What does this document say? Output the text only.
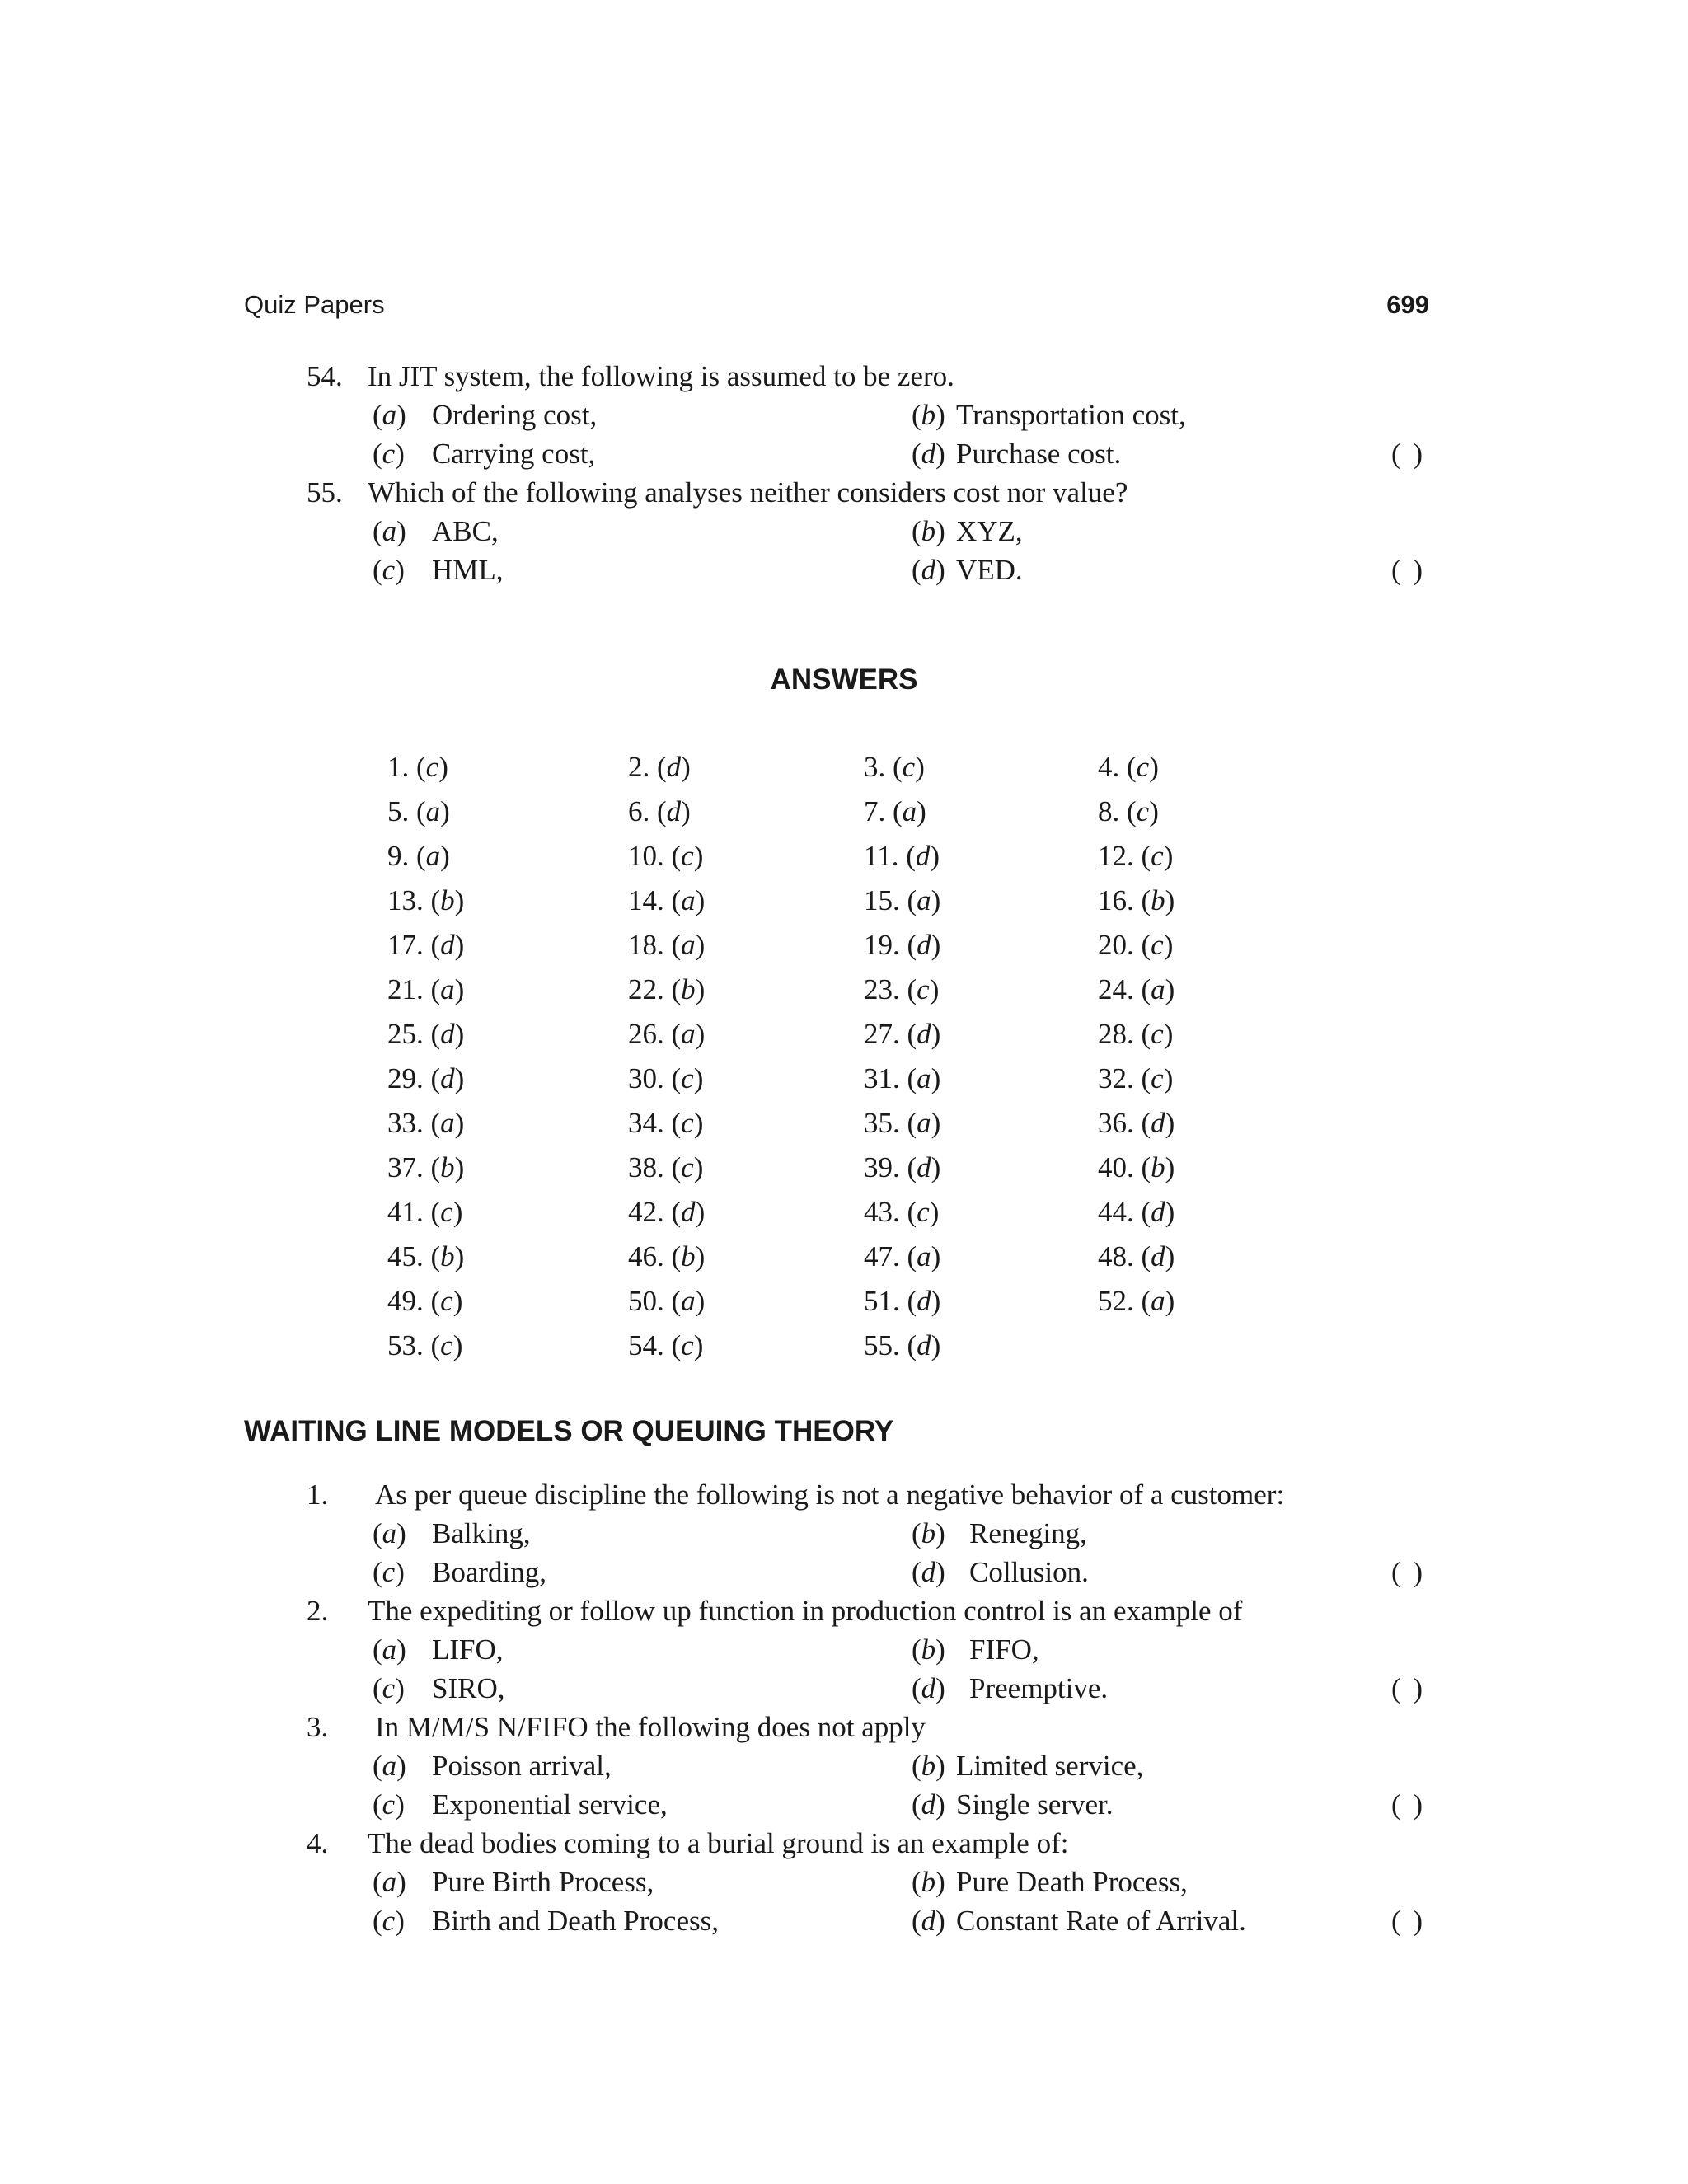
Quiz Papers	699
54. In JIT system, the following is assumed to be zero.
(a) Ordering cost,	(b) Transportation cost,
(c) Carrying cost,	(d) Purchase cost.	( )
55. Which of the following analyses neither considers cost nor value?
(a) ABC,	(b) XYZ,
(c) HML,	(d) VED.	( )
ANSWERS
1. (c)	2. (d)	3. (c)	4. (c)
5. (a)	6. (d)	7. (a)	8. (c)
9. (a)	10. (c)	11. (d)	12. (c)
13. (b)	14. (a)	15. (a)	16. (b)
17. (d)	18. (a)	19. (d)	20. (c)
21. (a)	22. (b)	23. (c)	24. (a)
25. (d)	26. (a)	27. (d)	28. (c)
29. (d)	30. (c)	31. (a)	32. (c)
33. (a)	34. (c)	35. (a)	36. (d)
37. (b)	38. (c)	39. (d)	40. (b)
41. (c)	42. (d)	43. (c)	44. (d)
45. (b)	46. (b)	47. (a)	48. (d)
49. (c)	50. (a)	51. (d)	52. (a)
53. (c)	54. (c)	55. (d)
WAITING LINE MODELS OR QUEUING THEORY
1. As per queue discipline the following is not a negative behavior of a customer:
(a) Balking,	(b) Reneging,
(c) Boarding,	(d) Collusion.	( )
2. The expediting or follow up function in production control is an example of
(a) LIFO,	(b) FIFO,
(c) SIRO,	(d) Preemptive.	( )
3. In M/M/S N/FIFO the following does not apply
(a) Poisson arrival,	(b) Limited service,
(c) Exponential service,	(d) Single server.	( )
4. The dead bodies coming to a burial ground is an example of:
(a) Pure Birth Process,	(b) Pure Death Process,
(c) Birth and Death Process,	(d) Constant Rate of Arrival.	( )
